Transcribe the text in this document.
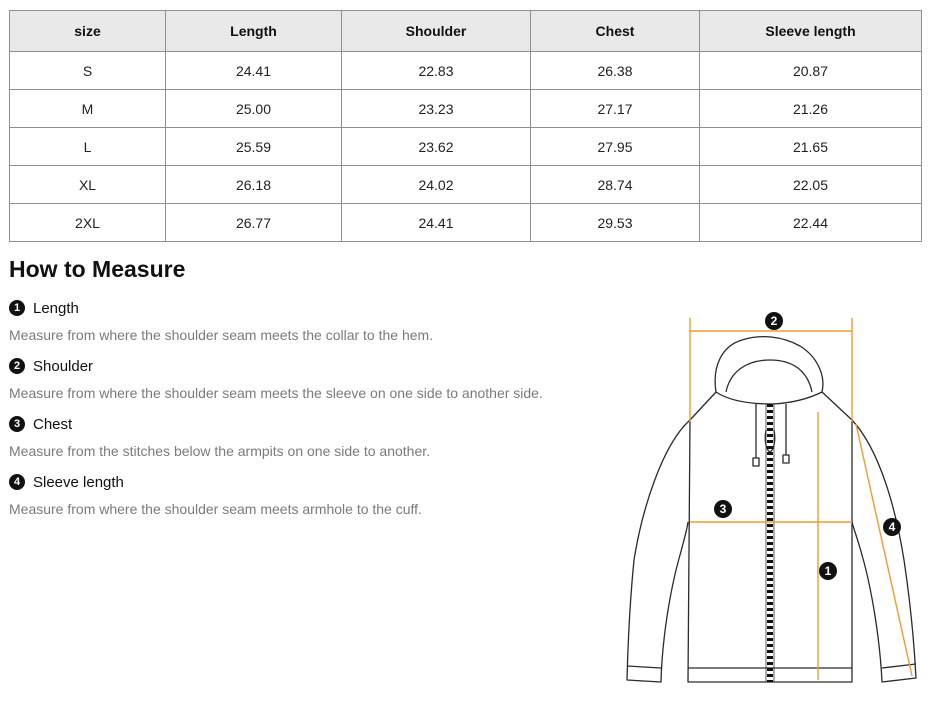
size	Length	Shoulder	Chest	Sleeve length
S	24.41	22.83	26.38	20.87
M	25.00	23.23	27.17	21.26
L	25.59	23.62	27.95	21.65
XL	26.18	24.02	28.74	22.05
2XL	26.77	24.41	29.53	22.44
How to Measure
1 Length
Measure from where the shoulder seam meets the collar to the hem.
2 Shoulder
Measure from where the shoulder seam meets the sleeve on one side to another side.
3 Chest
Measure from the stitches below the armpits on one side to another.
4 Sleeve length
Measure from where the shoulder seam meets armhole to the cuff.
2
3
1
4
